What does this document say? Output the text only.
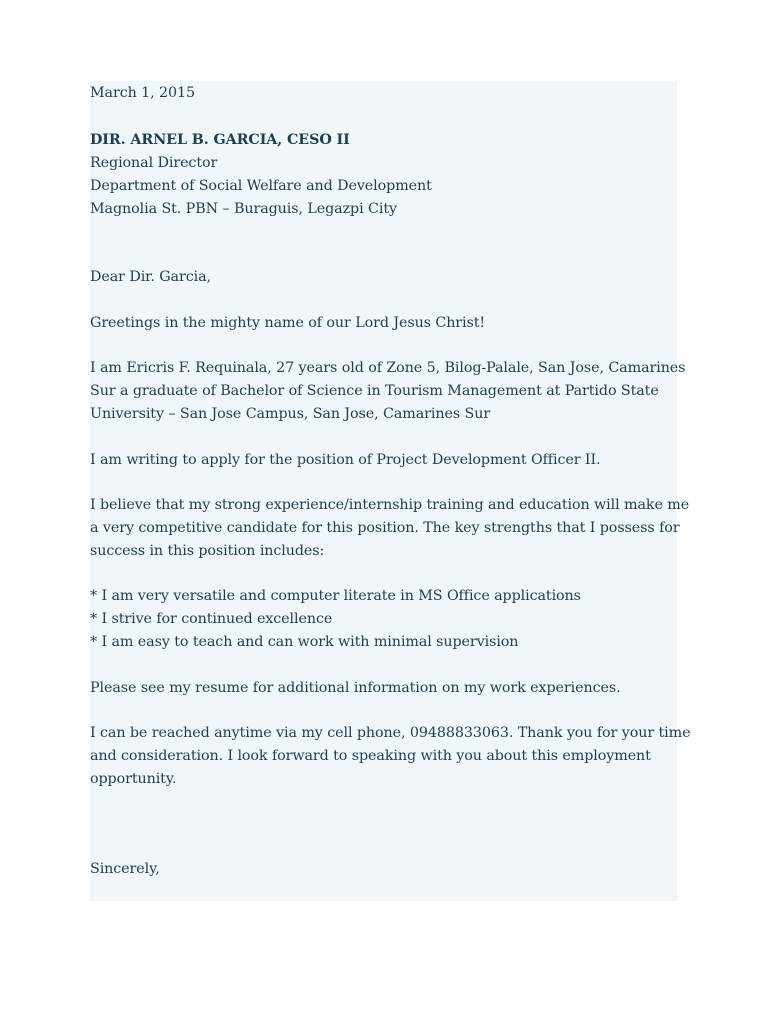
March 1, 2015
DIR. ARNEL B. GARCIA, CESO II
Regional Director
Department of Social Welfare and Development
Magnolia St. PBN – Buraguis, Legazpi City
Dear Dir. Garcia,
Greetings in the mighty name of our Lord Jesus Christ!
I am Ericris F. Requinala, 27 years old of Zone 5, Bilog-Palale, San Jose, Camarines
Sur a graduate of Bachelor of Science in Tourism Management at Partido State
University – San Jose Campus, San Jose, Camarines Sur
I am writing to apply for the position of Project Development Officer II.
I believe that my strong experience/internship training and education will make me
a very competitive candidate for this position. The key strengths that I possess for
success in this position includes:
* I am very versatile and computer literate in MS Office applications
* I strive for continued excellence
* I am easy to teach and can work with minimal supervision
Please see my resume for additional information on my work experiences.
I can be reached anytime via my cell phone, 09488833063. Thank you for your time
and consideration. I look forward to speaking with you about this employment
opportunity.
Sincerely,
